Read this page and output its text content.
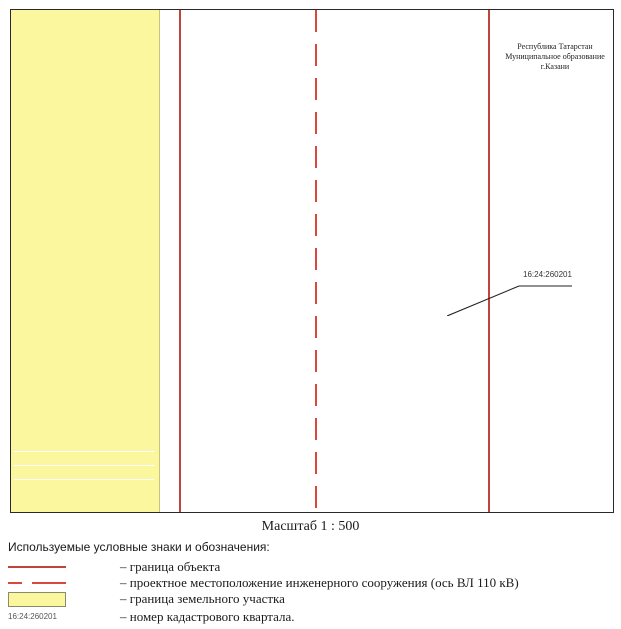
Республика Татарстан
Муниципальное образование
г.Казани
16:24:260201
Масштаб 1 : 500
Используемые условные знаки и обозначения:
– граница объекта
– проектное местоположение инженерного сооружения (ось ВЛ 110 кВ)
– граница земельного участка
16:24:260201	– номер кадастрового квартала.
